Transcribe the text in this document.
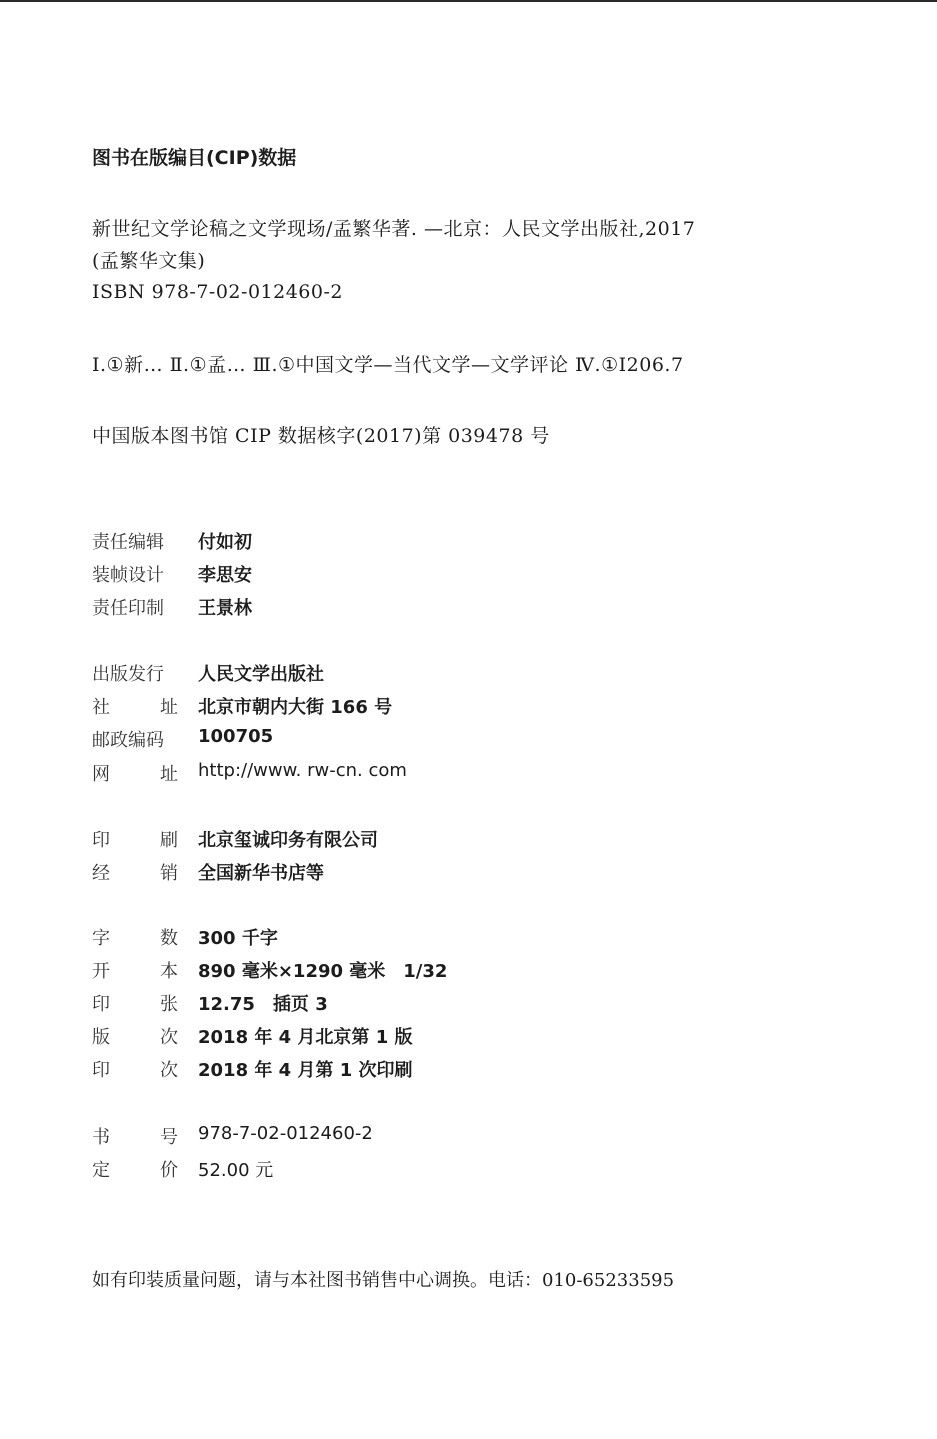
图书在版编目(CIP)数据
新世纪文学论稿之文学现场/孟繁华著. —北京：人民文学出版社,2017
(孟繁华文集)
ISBN 978-7-02-012460-2
Ⅰ.①新… Ⅱ.①孟… Ⅲ.①中国文学—当代文学—文学评论 Ⅳ.①I206.7
中国版本图书馆 CIP 数据核字(2017)第 039478 号
责任编辑	付如初
装帧设计	李思安
责任印制	王景林
出版发行	人民文学出版社
社	址 北京市朝内大街 166 号
邮政编码	100705
网	址 http://www. rw-cn. com
印	刷 北京玺诚印务有限公司
经	销 全国新华书店等
字	数 300 千字
开	本 890 毫米×1290 毫米　1/32
印	张 12.75　插页 3
版	次 2018 年 4 月北京第 1 版
印	次 2018 年 4 月第 1 次印刷
书	号 978-7-02-012460-2
定	价 52.00 元
如有印装质量问题，请与本社图书销售中心调换。电话：010-65233595
